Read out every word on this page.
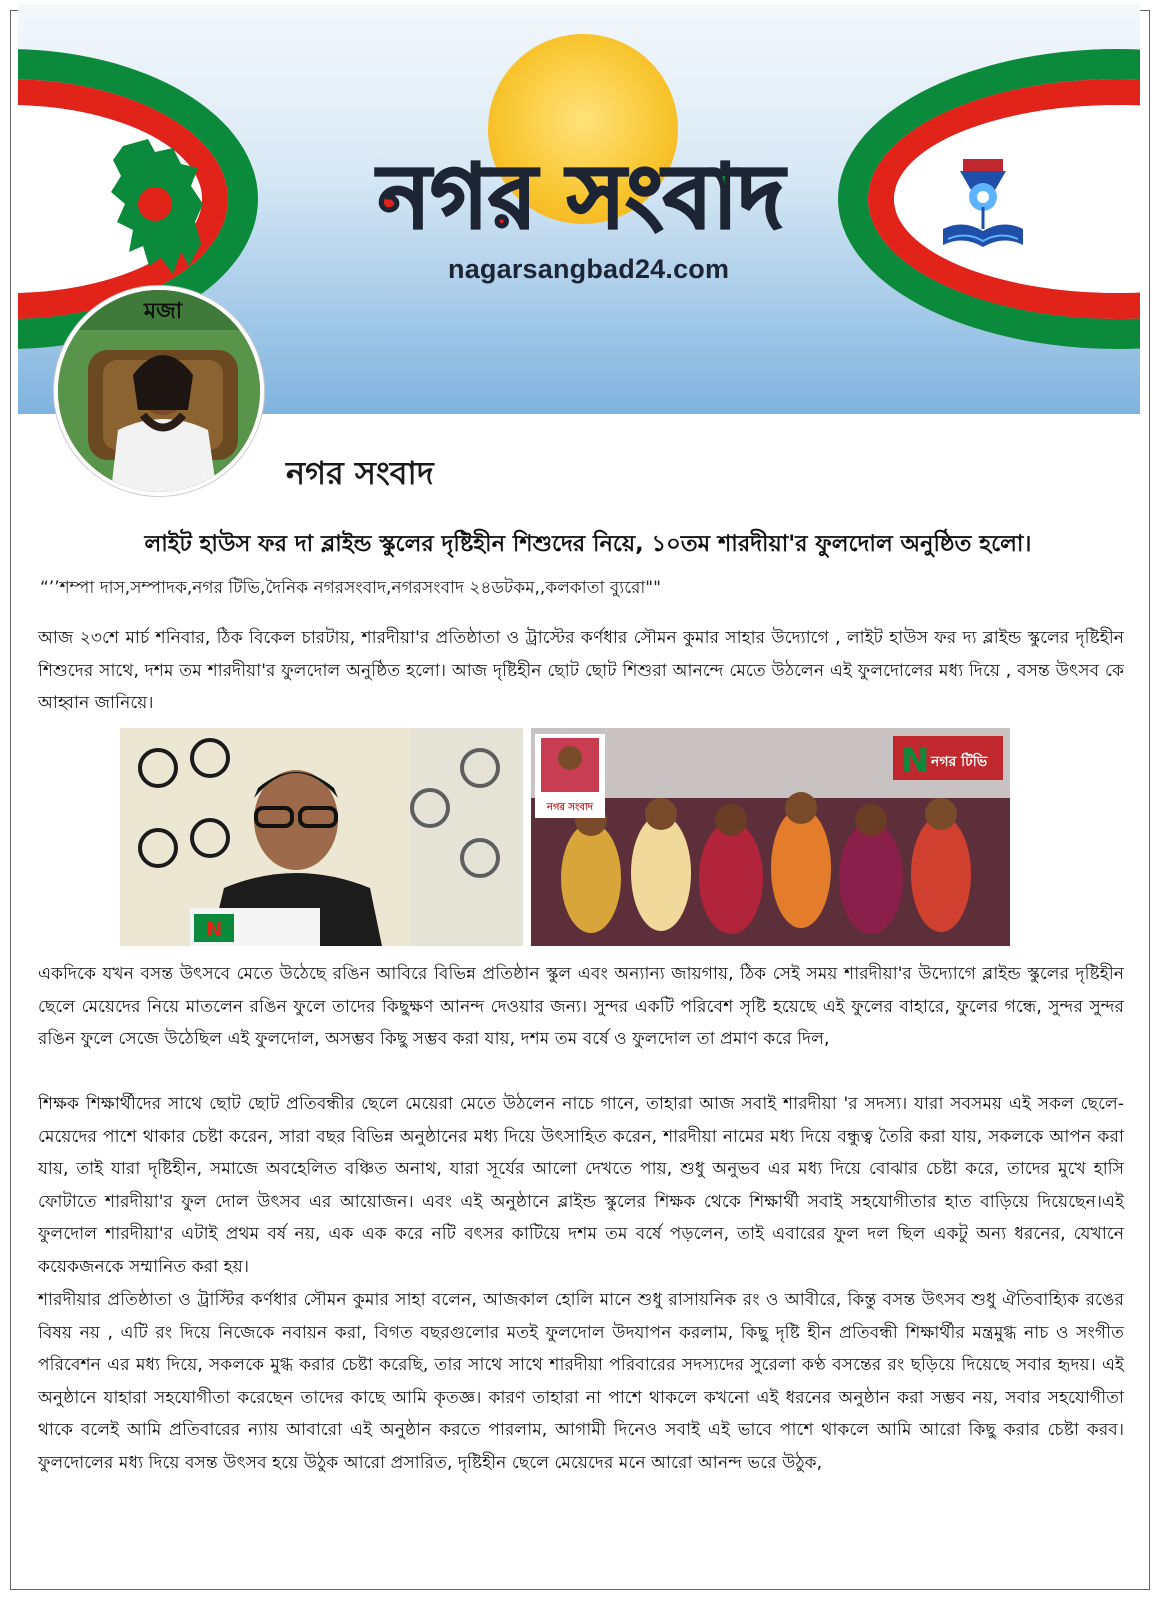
নগর সংবাদ
nagarsangbad24.com
মজা
নগর সংবাদ
লাইট হাউস ফর দা ব্লাইন্ড স্কুলের দৃষ্টিহীন শিশুদের নিয়ে, ১০তম শারদীয়া'র ফুলদোল অনুষ্ঠিত হলো।
“’’শম্পা দাস,সম্পাদক,নগর টিভি,দৈনিক নগরসংবাদ,নগরসংবাদ ২৪ডটকম,,কলকাতা ব্যুরো""

আজ ২৩শে মার্চ শনিবার, ঠিক বিকেল চারটায়, শারদীয়া'র প্রতিষ্ঠাতা ও ট্রাস্টের কর্ণধার সৌমন কুমার সাহার উদ্যোগে , লাইট হাউস ফর দ্য ব্লাইন্ড স্কুলের দৃষ্টিহীন শিশুদের সাথে, দশম তম শারদীয়া'র ফুলদোল অনুষ্ঠিত হলো। আজ দৃষ্টিহীন ছোট ছোট শিশুরা আনন্দে মেতে উঠলেন এই ফুলদোলের মধ্য দিয়ে , বসন্ত উৎসব কে আহ্বান জানিয়ে।

N
নগর সংবাদ
N নগর টিভি

একদিকে যখন বসন্ত উৎসবে মেতে উঠেছে রঙিন আবিরে বিভিন্ন প্রতিষ্ঠান স্কুল এবং অন্যান্য জায়গায়, ঠিক সেই সময় শারদীয়া'র উদ্যোগে ব্লাইন্ড স্কুলের দৃষ্টিহীন ছেলে মেয়েদের নিয়ে মাতলেন রঙিন ফুলে তাদের কিছুক্ষণ আনন্দ দেওয়ার জন্য। সুন্দর একটি পরিবেশ সৃষ্টি হয়েছে এই ফুলের বাহারে, ফুলের গন্ধে, সুন্দর সুন্দর রঙিন ফুলে সেজে উঠেছিল এই ফুলদোল, অসম্ভব কিছু সম্ভব করা যায়, দশম তম বর্ষে ও ফুলদোল তা প্রমাণ করে দিল,

শিক্ষক শিক্ষার্থীদের সাথে ছোট ছোট প্রতিবন্ধীর ছেলে মেয়েরা মেতে উঠলেন নাচে গানে, তাহারা আজ সবাই শারদীয়া 'র সদস্য। যারা সবসময় এই সকল ছেলে-মেয়েদের পাশে থাকার চেষ্টা করেন, সারা বছর বিভিন্ন অনুষ্ঠানের মধ্য দিয়ে উৎসাহিত করেন, শারদীয়া নামের মধ্য দিয়ে বন্ধুত্ব তৈরি করা যায়, সকলকে আপন করা যায়, তাই যারা দৃষ্টিহীন, সমাজে অবহেলিত বঞ্চিত অনাথ, যারা সূর্যের আলো দেখতে পায়, শুধু অনুভব এর মধ্য দিয়ে বোঝার চেষ্টা করে, তাদের মুখে হাসি ফোটাতে শারদীয়া'র ফুল দোল উৎসব এর আয়োজন। এবং এই অনুষ্ঠানে ব্লাইন্ড স্কুলের শিক্ষক থেকে শিক্ষার্থী সবাই সহযোগীতার হাত বাড়িয়ে দিয়েছেন।এই ফুলদোল শারদীয়া'র এটাই প্রথম বর্ষ নয়, এক এক করে নটি বৎসর কাটিয়ে দশম তম বর্ষে পড়লেন, তাই এবারের ফুল দল ছিল একটু অন্য ধরনের, যেখানে কয়েকজনকে সম্মানিত করা হয়।

শারদীয়ার প্রতিষ্ঠাতা ও ট্রাস্টির কর্ণধার সৌমন কুমার সাহা বলেন, আজকাল হোলি মানে শুধু রাসায়নিক রং ও আবীরে, কিন্তু বসন্ত উৎসব শুধু ঐতিবাহ্যিক রঙের বিষয় নয় , এটি রং দিয়ে নিজেকে নবায়ন করা, বিগত বছরগুলোর মতই ফুলদোল উদযাপন করলাম, কিছু দৃষ্টি হীন প্রতিবন্ধী শিক্ষার্থীর মন্ত্রমুগ্ধ নাচ ও সংগীত পরিবেশন এর মধ্য দিয়ে, সকলকে মুগ্ধ করার চেষ্টা করেছি, তার সাথে সাথে শারদীয়া পরিবারের সদস্যদের সুরেলা কণ্ঠ বসন্তের রং ছড়িয়ে দিয়েছে সবার হৃদয়। এই অনুষ্ঠানে যাহারা সহযোগীতা করেছেন তাদের কাছে আমি কৃতজ্ঞ। কারণ তাহারা না পাশে থাকলে কখনো এই ধরনের অনুষ্ঠান করা সম্ভব নয়, সবার সহযোগীতা থাকে বলেই আমি প্রতিবারের ন্যায় আবারো এই অনুষ্ঠান করতে পারলাম, আগামী দিনেও সবাই এই ভাবে পাশে থাকলে আমি আরো কিছু করার চেষ্টা করব। ফুলদোলের মধ্য দিয়ে বসন্ত উৎসব হয়ে উঠুক আরো প্রসারিত, দৃষ্টিহীন ছেলে মেয়েদের মনে আরো আনন্দ ভরে উঠুক,
